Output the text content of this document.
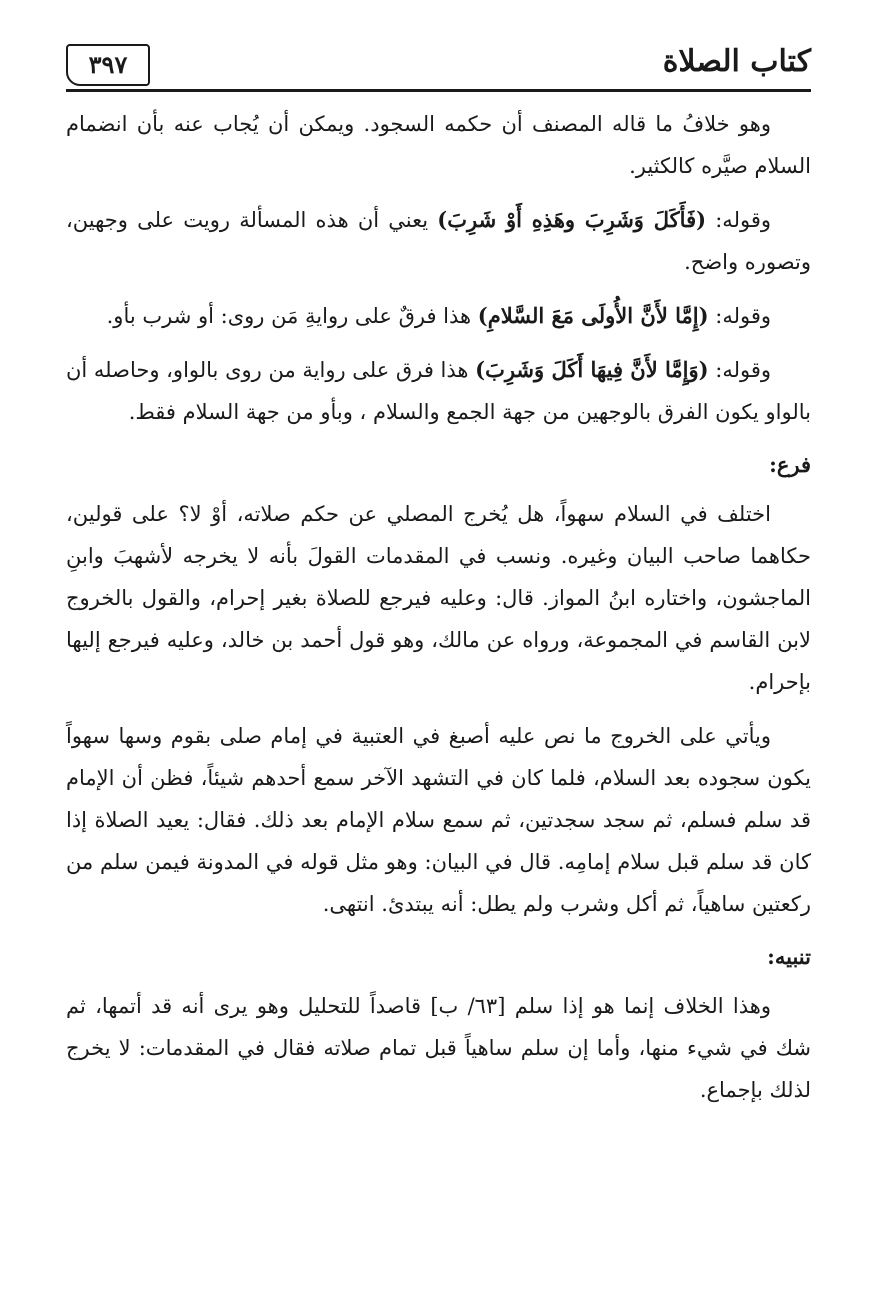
كتاب الصلاة
٣٩٧

وهو خلافُ ما قاله المصنف أن حكمه السجود. ويمكن أن يُجاب عنه بأن انضمام السلام صيَّره كالكثير.

وقوله: (فَأَكَلَ وَشَرِبَ وهَذِهِ أَوْ شَرِبَ) يعني أن هذه المسألة رويت على وجهين، وتصوره واضح.

وقوله: (إِمَّا لأَنَّ الأُولَى مَعَ السَّلامِ) هذا فرقٌ على روايةِ مَن روى: أو شرب بأو.

وقوله: (وَإِمَّا لأَنَّ فِيهَا أَكَلَ وَشَرِبَ) هذا فرق على رواية من روى بالواو، وحاصله أن بالواو يكون الفرق بالوجهين من جهة الجمع والسلام ، وبأو من جهة السلام فقط.

فرع:

اختلف في السلام سهواً، هل يُخرج المصلي عن حكم صلاته، أوْ لا؟ على قولين، حكاهما صاحب البيان وغيره. ونسب في المقدمات القولَ بأنه لا يخرجه لأشهبَ وابنِ الماجشون، واختاره ابنُ المواز. قال: وعليه فيرجع للصلاة بغير إحرام، والقول بالخروج لابن القاسم في المجموعة، ورواه عن مالك، وهو قول أحمد بن خالد، وعليه فيرجع إليها بإحرام.

ويأتي على الخروج ما نص عليه أصبغ في العتبية في إمام صلى بقوم وسها سهواً يكون سجوده بعد السلام، فلما كان في التشهد الآخر سمع أحدهم شيئاً، فظن أن الإمام قد سلم فسلم، ثم سجد سجدتين، ثم سمع سلام الإمام بعد ذلك. فقال: يعيد الصلاة إذا كان قد سلم قبل سلام إمامِه. قال في البيان: وهو مثل قوله في المدونة فيمن سلم من ركعتين ساهياً، ثم أكل وشرب ولم يطل: أنه يبتدئ. انتهى.

تنبيه:

وهذا الخلاف إنما هو إذا سلم [٦٣/ ب] قاصداً للتحليل وهو يرى أنه قد أتمها، ثم شك في شيء منها، وأما إن سلم ساهياً قبل تمام صلاته فقال في المقدمات: لا يخرج لذلك بإجماع.
